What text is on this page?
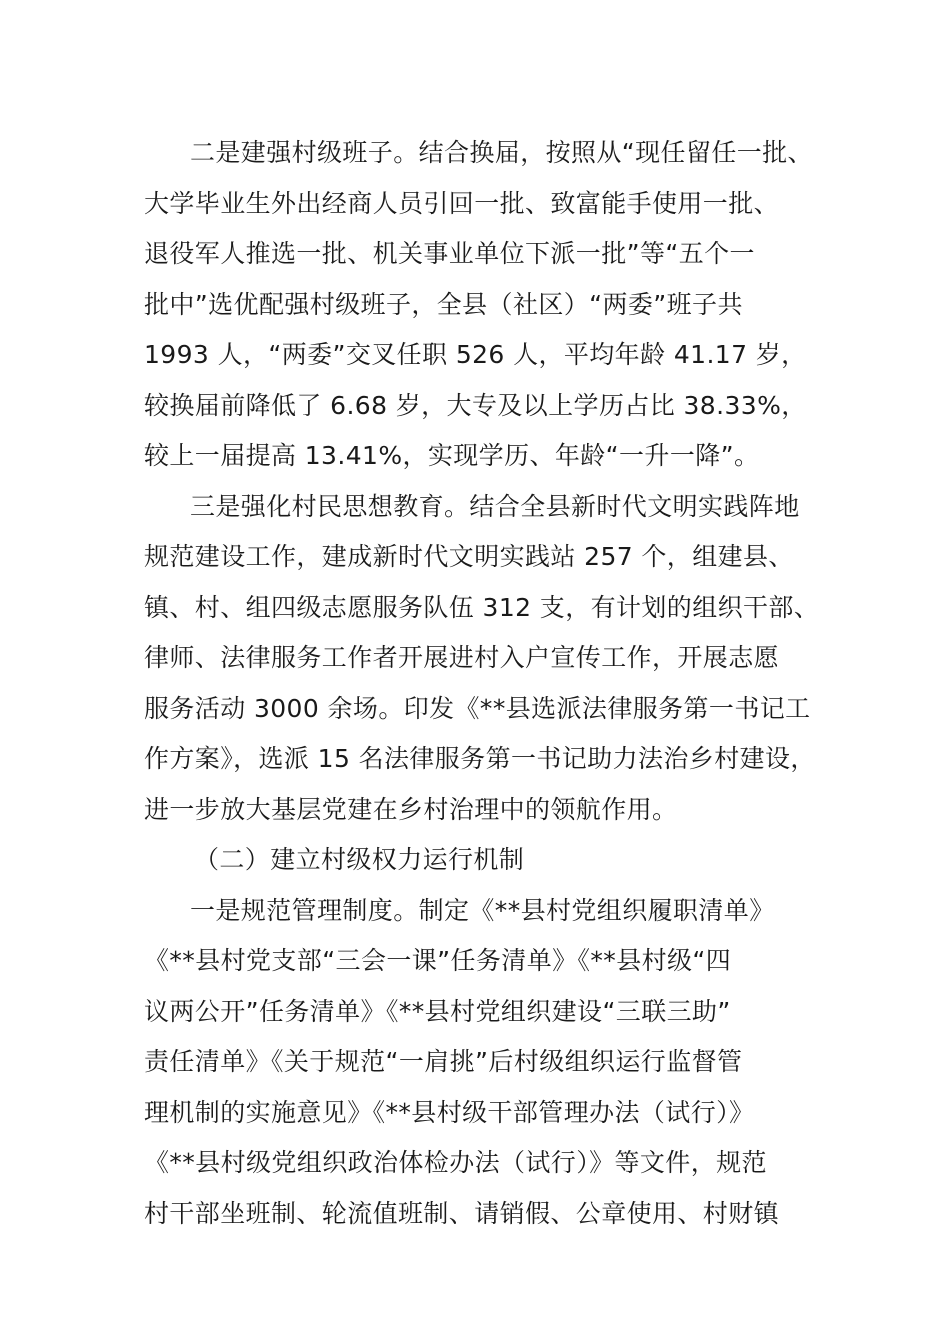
二是建强村级班子。结合换届，按照从“现任留任一批、
大学毕业生外出经商人员引回一批、致富能手使用一批、
退役军人推选一批、机关事业单位下派一批”等“五个一
批中”选优配强村级班子，全县（社区）“两委”班子共
1993 人，“两委”交叉任职 526 人，平均年龄 41.17 岁，
较换届前降低了 6.68 岁，大专及以上学历占比 38.33%，
较上一届提高 13.41%，实现学历、年龄“一升一降”。
三是强化村民思想教育。结合全县新时代文明实践阵地
规范建设工作，建成新时代文明实践站 257 个，组建县、
镇、村、组四级志愿服务队伍 312 支，有计划的组织干部、
律师、法律服务工作者开展进村入户宣传工作，开展志愿
服务活动 3000 余场。印发《**县选派法律服务第一书记工
作方案》，选派 15 名法律服务第一书记助力法治乡村建设，
进一步放大基层党建在乡村治理中的领航作用。
（二）建立村级权力运行机制
一是规范管理制度。制定《**县村党组织履职清单》
《**县村党支部“三会一课”任务清单》《**县村级“四
议两公开”任务清单》《**县村党组织建设“三联三助”
责任清单》《关于规范“一肩挑”后村级组织运行监督管
理机制的实施意见》《**县村级干部管理办法（试行）》
《**县村级党组织政治体检办法（试行）》等文件，规范
村干部坐班制、轮流值班制、请销假、公章使用、村财镇
